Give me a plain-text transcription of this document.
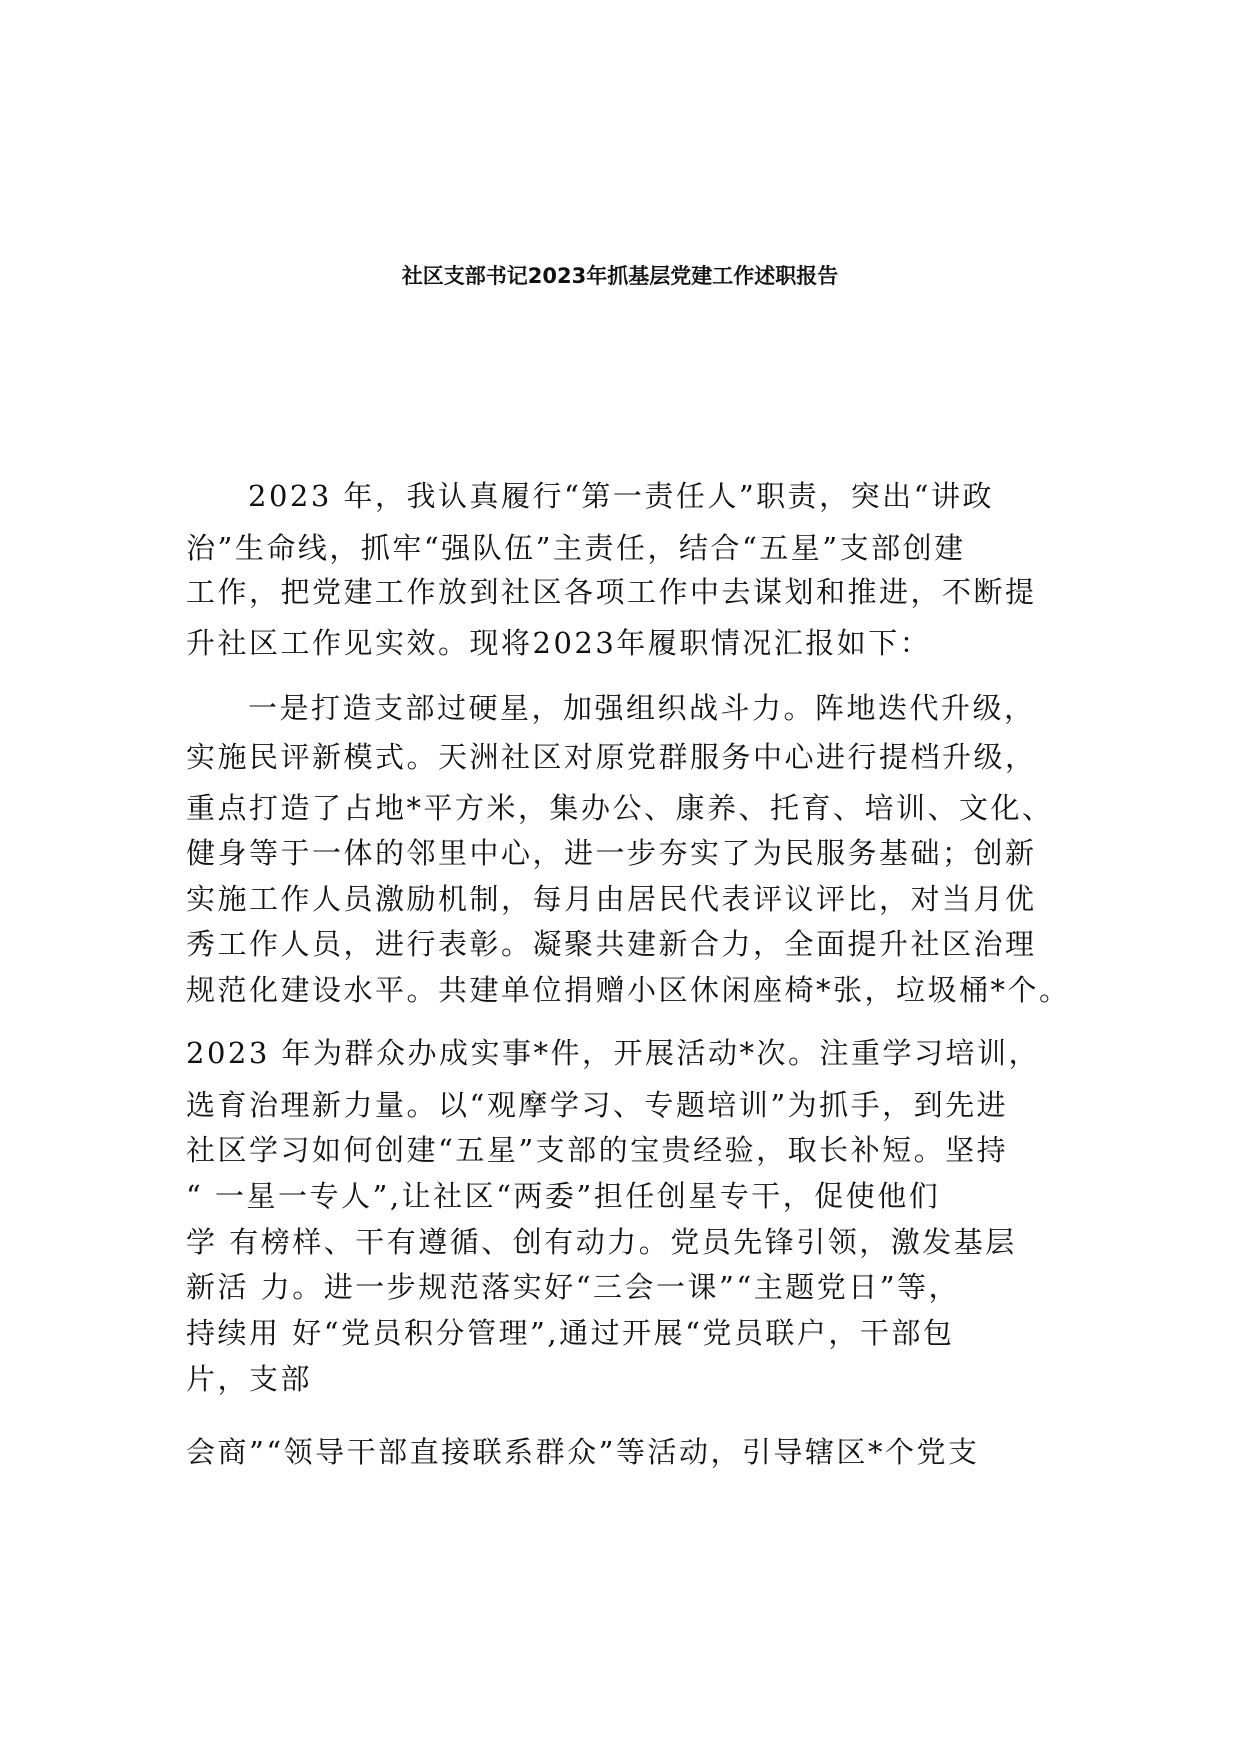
社区支部书记2023年抓基层党建工作述职报告
2023 年，我认真履行“第一责任人”职责，突出“讲政
治”生命线，抓牢“强队伍”主责任，结合“五星”支部创建
工作，把党建工作放到社区各项工作中去谋划和推进，不断提
升社区工作见实效。现将2023年履职情况汇报如下：
一是打造支部过硬星，加强组织战斗力。阵地迭代升级，
实施民评新模式。天洲社区对原党群服务中心进行提档升级，
重点打造了占地*平方米，集办公、康养、托育、培训、文化、
健身等于一体的邻里中心，进一步夯实了为民服务基础；创新
实施工作人员激励机制，每月由居民代表评议评比，对当月优
秀工作人员，进行表彰。凝聚共建新合力，全面提升社区治理
规范化建设水平。共建单位捐赠小区休闲座椅*张，垃圾桶*个。
2023 年为群众办成实事*件，开展活动*次。注重学习培训，
选育治理新力量。以“观摩学习、专题培训”为抓手，到先进
社区学习如何创建“五星”支部的宝贵经验，取长补短。坚持
“ 一星一专人”,让社区“两委”担任创星专干，促使他们
学 有榜样、干有遵循、创有动力。党员先锋引领，激发基层
新活 力。进一步规范落实好“三会一课”“主题党日”等，
持续用 好“党员积分管理”,通过开展“党员联户，干部包
片，支部
会商”“领导干部直接联系群众”等活动，引导辖区*个党支
